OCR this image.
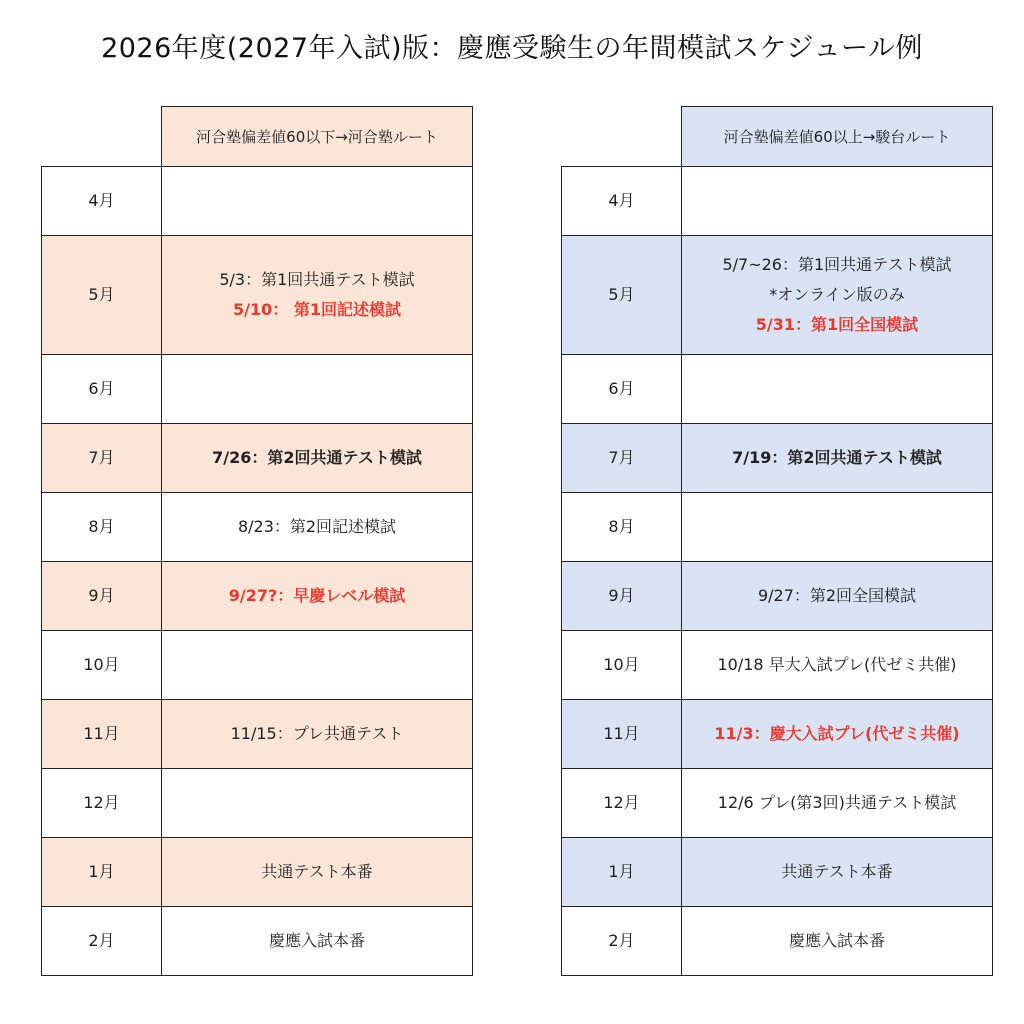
2026年度(2027年入試)版：慶應受験生の年間模試スケジュール例
	河合塾偏差値60以下→河合塾ルート
4月	
5月	5/3：第1回共通テスト模試
5/10： 第1回記述模試

6月	
7月	7/26：第2回共通テスト模試

8月	8/23：第2回記述模試

9月	9/27?：早慶レベル模試

10月	
11月	11/15：プレ共通テスト

12月	
1月	共通テスト本番

2月	慶應入試本番
	河合塾偏差値60以上→駿台ルート
4月	
5月	5/7~26：第1回共通テスト模試
*オンライン版のみ
5/31：第1回全国模試

6月	
7月	7/19：第2回共通テスト模試

8月	
9月	9/27：第2回全国模試

10月	10/18 早大入試プレ(代ゼミ共催)

11月	11/3：慶大入試プレ(代ゼミ共催)

12月	12/6 プレ(第3回)共通テスト模試

1月	共通テスト本番

2月	慶應入試本番
